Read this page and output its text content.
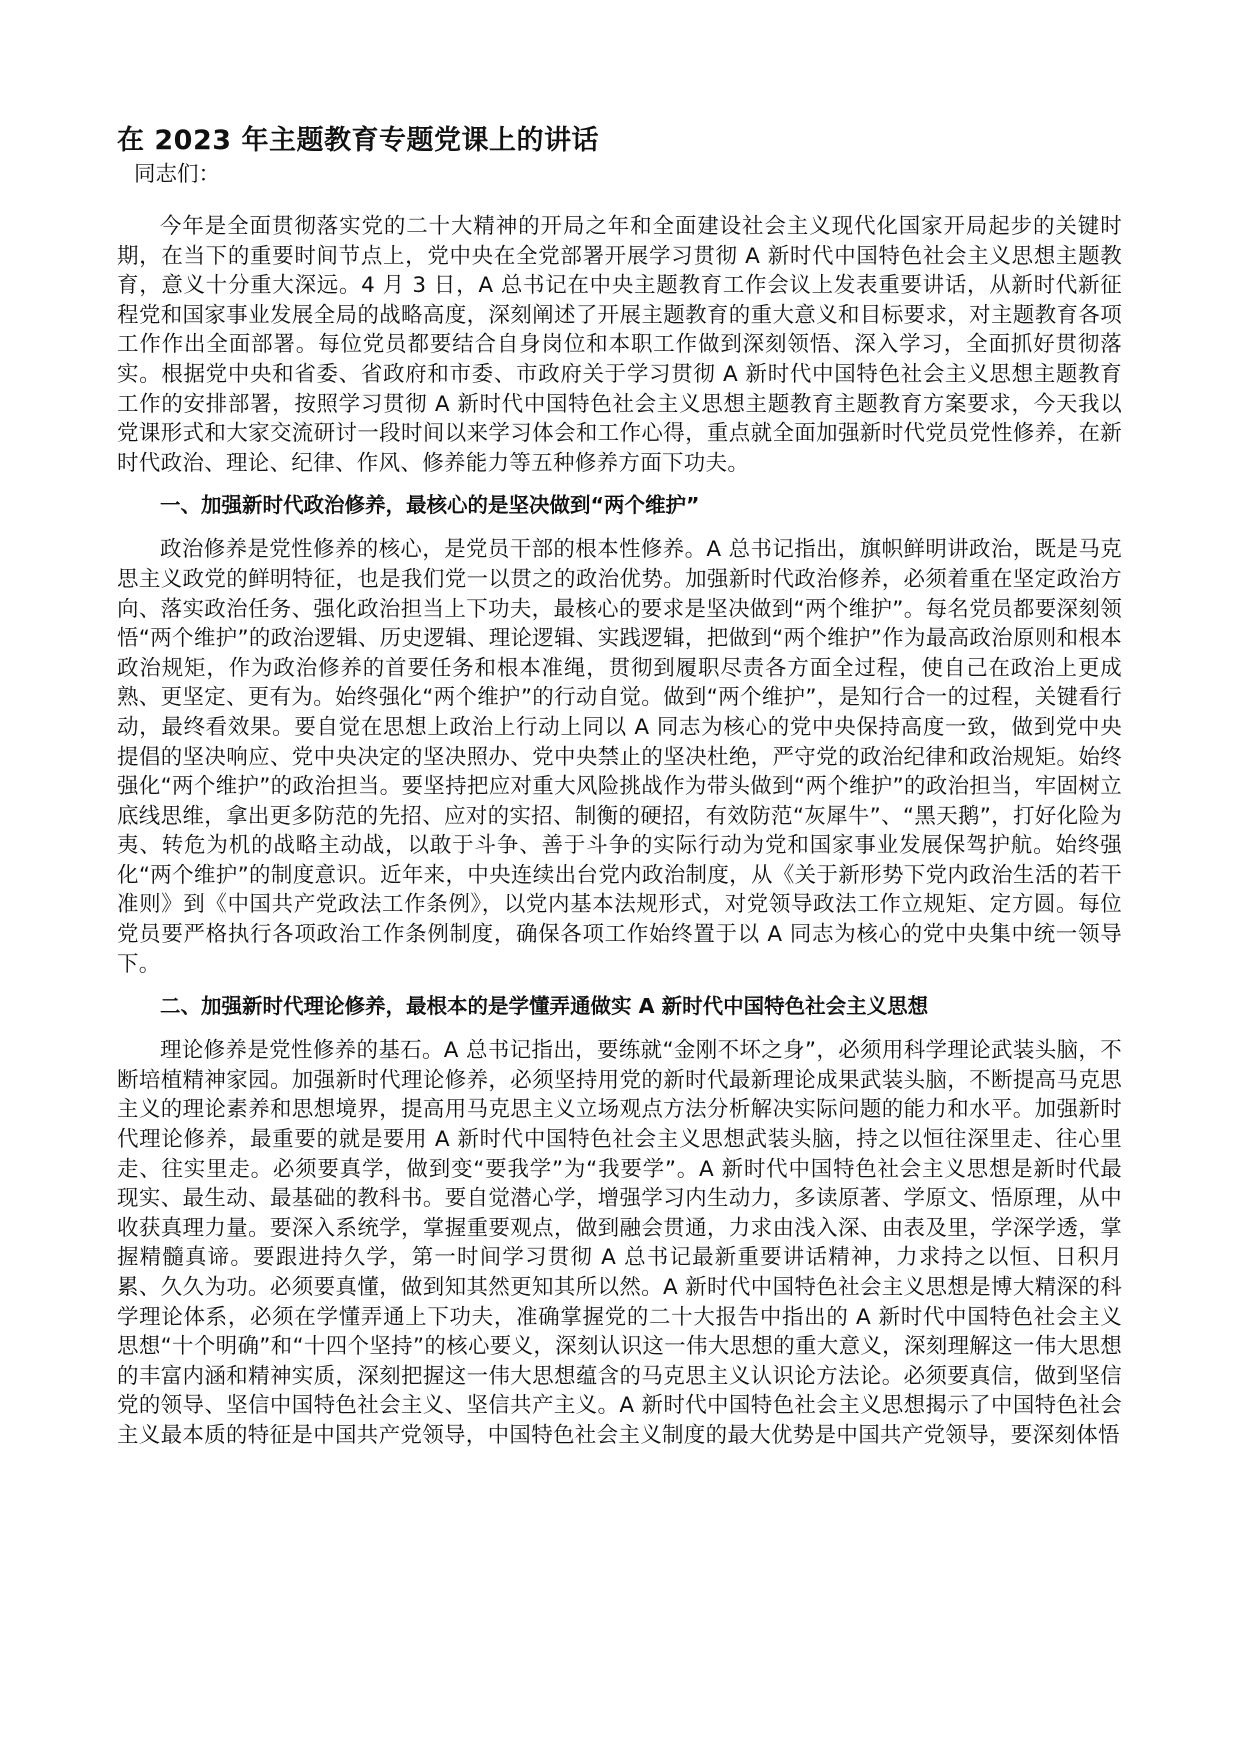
在 2023 年主题教育专题党课上的讲话

同志们：

今年是全面贯彻落实党的二十大精神的开局之年和全面建设社会主义现代化国家开局起步的关键时期，在当下的重要时间节点上，党中央在全党部署开展学习贯彻 A 新时代中国特色社会主义思想主题教育，意义十分重大深远。4 月 3 日，A 总书记在中央主题教育工作会议上发表重要讲话，从新时代新征程党和国家事业发展全局的战略高度，深刻阐述了开展主题教育的重大意义和目标要求，对主题教育各项工作作出全面部署。每位党员都要结合自身岗位和本职工作做到深刻领悟、深入学习，全面抓好贯彻落实。根据党中央和省委、省政府和市委、市政府关于学习贯彻 A 新时代中国特色社会主义思想主题教育工作的安排部署，按照学习贯彻 A 新时代中国特色社会主义思想主题教育主题教育方案要求，今天我以党课形式和大家交流研讨一段时间以来学习体会和工作心得，重点就全面加强新时代党员党性修养，在新时代政治、理论、纪律、作风、修养能力等五种修养方面下功夫。

一、加强新时代政治修养，最核心的是坚决做到“两个维护”

政治修养是党性修养的核心，是党员干部的根本性修养。A 总书记指出，旗帜鲜明讲政治，既是马克思主义政党的鲜明特征，也是我们党一以贯之的政治优势。加强新时代政治修养，必须着重在坚定政治方向、落实政治任务、强化政治担当上下功夫，最核心的要求是坚决做到“两个维护”。每名党员都要深刻领悟“两个维护”的政治逻辑、历史逻辑、理论逻辑、实践逻辑，把做到“两个维护”作为最高政治原则和根本政治规矩，作为政治修养的首要任务和根本准绳，贯彻到履职尽责各方面全过程，使自己在政治上更成熟、更坚定、更有为。始终强化“两个维护”的行动自觉。做到“两个维护”，是知行合一的过程，关键看行动，最终看效果。要自觉在思想上政治上行动上同以 A 同志为核心的党中央保持高度一致，做到党中央提倡的坚决响应、党中央决定的坚决照办、党中央禁止的坚决杜绝，严守党的政治纪律和政治规矩。始终强化“两个维护”的政治担当。要坚持把应对重大风险挑战作为带头做到“两个维护”的政治担当，牢固树立底线思维，拿出更多防范的先招、应对的实招、制衡的硬招，有效防范“灰犀牛”、“黑天鹅”，打好化险为夷、转危为机的战略主动战，以敢于斗争、善于斗争的实际行动为党和国家事业发展保驾护航。始终强化“两个维护”的制度意识。近年来，中央连续出台党内政治制度，从《关于新形势下党内政治生活的若干准则》到《中国共产党政法工作条例》，以党内基本法规形式，对党领导政法工作立规矩、定方圆。每位党员要严格执行各项政治工作条例制度，确保各项工作始终置于以 A 同志为核心的党中央集中统一领导下。

二、加强新时代理论修养，最根本的是学懂弄通做实 A 新时代中国特色社会主义思想

理论修养是党性修养的基石。A 总书记指出，要练就“金刚不坏之身”，必须用科学理论武装头脑，不断培植精神家园。加强新时代理论修养，必须坚持用党的新时代最新理论成果武装头脑，不断提高马克思主义的理论素养和思想境界，提高用马克思主义立场观点方法分析解决实际问题的能力和水平。加强新时代理论修养，最重要的就是要用 A 新时代中国特色社会主义思想武装头脑，持之以恒往深里走、往心里走、往实里走。必须要真学，做到变“要我学”为“我要学”。A 新时代中国特色社会主义思想是新时代最现实、最生动、最基础的教科书。要自觉潜心学，增强学习内生动力，多读原著、学原文、悟原理，从中收获真理力量。要深入系统学，掌握重要观点，做到融会贯通，力求由浅入深、由表及里，学深学透，掌握精髓真谛。要跟进持久学，第一时间学习贯彻 A 总书记最新重要讲话精神，力求持之以恒、日积月累、久久为功。必须要真懂，做到知其然更知其所以然。A 新时代中国特色社会主义思想是博大精深的科学理论体系，必须在学懂弄通上下功夫，准确掌握党的二十大报告中指出的 A 新时代中国特色社会主义思想“十个明确”和“十四个坚持”的核心要义，深刻认识这一伟大思想的重大意义，深刻理解这一伟大思想的丰富内涵和精神实质，深刻把握这一伟大思想蕴含的马克思主义认识论方法论。必须要真信，做到坚信党的领导、坚信中国特色社会主义、坚信共产主义。A 新时代中国特色社会主义思想揭示了中国特色社会主义最本质的特征是中国共产党领导，中国特色社会主义制度的最大优势是中国共产党领导，要深刻体悟
